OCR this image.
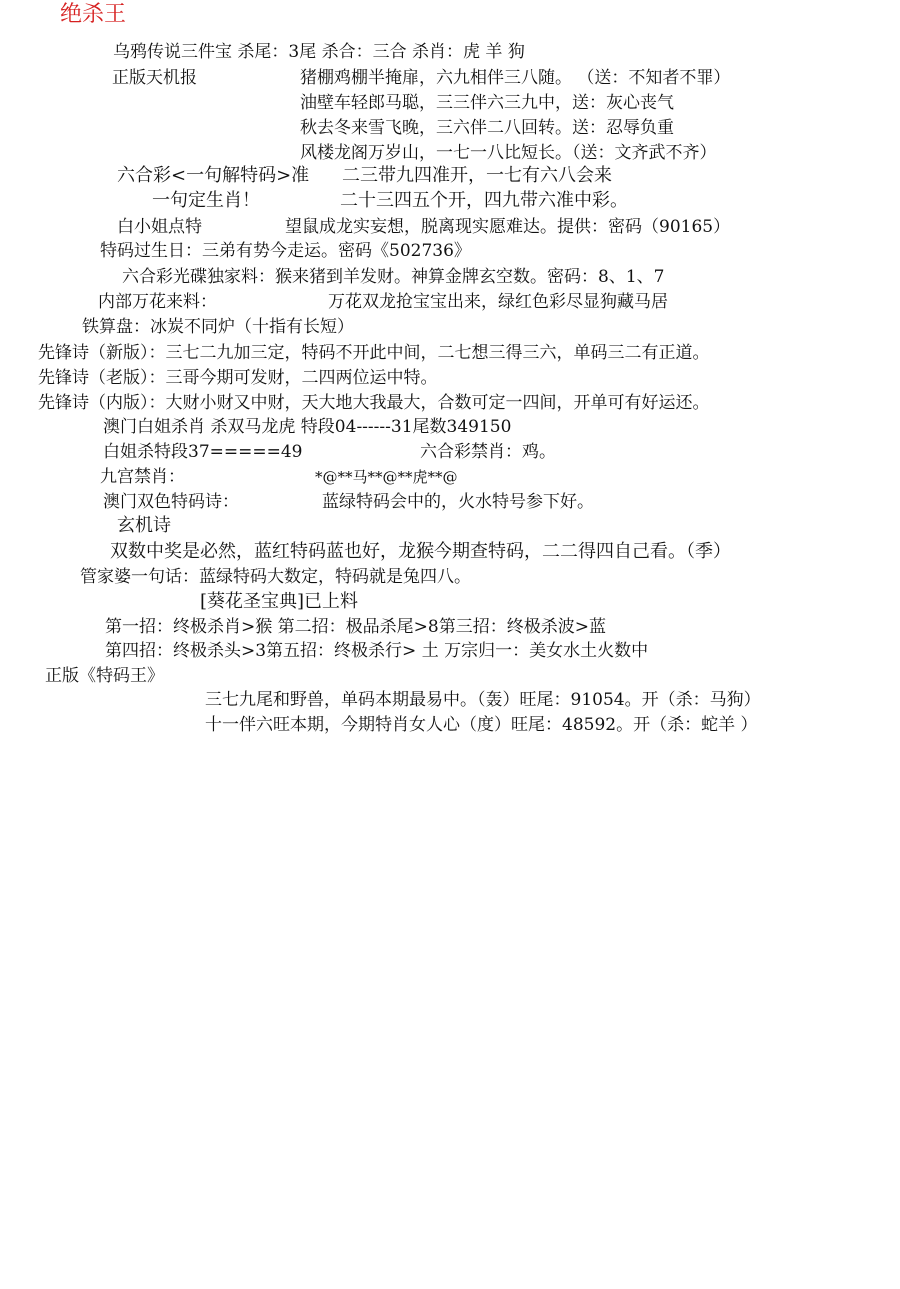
绝杀王
乌鸦传说三件宝 杀尾：3尾 杀合：三合 杀肖：虎 羊 狗
正版天机报	猪棚鸡棚半掩扉，六九相伴三八随。 （送：不知者不罪）
油壁车轻郎马聪，三三伴六三九中，送：灰心丧气
秋去冬来雪飞晚，三六伴二八回转。送：忍辱负重
风楼龙阁万岁山，一七一八比短长。（送：文齐武不齐）
六合彩<一句解特码>准 二三带九四准开，一七有六八会来
一句定生肖！	二十三四五个开，四九带六准中彩。
白小姐点特	望鼠成龙实妄想，脱离现实愿难达。提供：密码（90165）
特码过生日：三弟有势今走运。密码《502736》
六合彩光碟独家料：猴来猪到羊发财。神算金牌玄空数。密码：8、1、7
内部万花来料：	万花双龙抢宝宝出来，绿红色彩尽显狗藏马居
铁算盘：冰炭不同炉（十指有长短）
先锋诗（新版）：三七二九加三定，特码不开此中间，二七想三得三六，单码三二有正道。
先锋诗（老版）：三哥今期可发财，二四两位运中特。
先锋诗（内版）：大财小财又中财，天大地大我最大，合数可定一四间，开单可有好运还。
澳门白姐杀肖 杀双马龙虎 特段04------31尾数349150
白姐杀特段37=====49	六合彩禁肖：鸡。
九宫禁肖：	*@**马**@**虎**@
澳门双色特码诗：	蓝绿特码会中的，火水特号参下好。
玄机诗
双数中奖是必然，蓝红特码蓝也好，龙猴今期查特码，二二得四自己看。（季）
管家婆一句话：蓝绿特码大数定，特码就是兔四八。
[葵花圣宝典]已上料
第一招：终极杀肖>猴 第二招：极品杀尾>8第三招：终极杀波>蓝
第四招：终极杀头>3第五招：终极杀行> 土 万宗归一：美女水土火数中
正版《特码王》
三七九尾和野兽，单码本期最易中。（轰）旺尾：91054。开（杀：马狗）
十一伴六旺本期，今期特肖女人心（度）旺尾：48592。开（杀：蛇羊 ）
